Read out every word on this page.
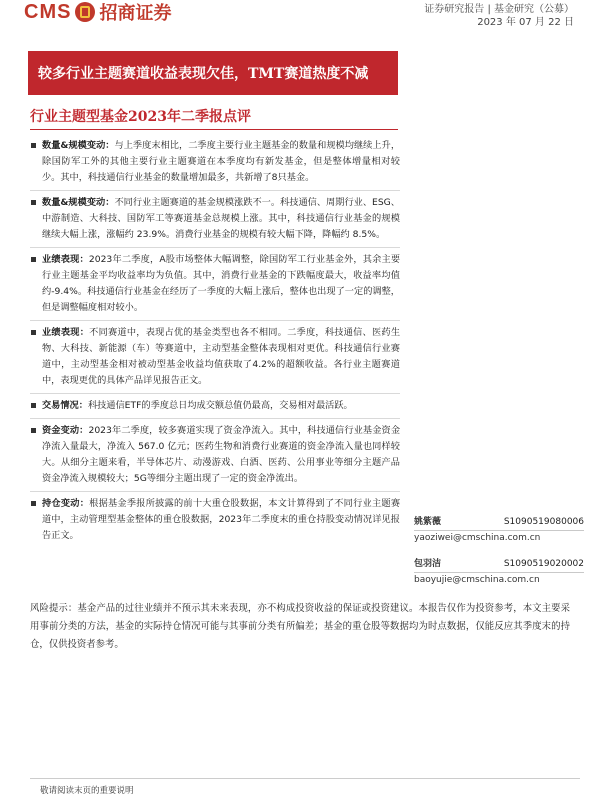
CMS 招商证券	证券研究报告 | 基金研究（公募）
2023 年 07 月 22 日
较多行业主题赛道收益表现欠佳，TMT赛道热度不减
行业主题型基金2023年二季报点评
数量&规模变动：与上季度末相比，二季度主要行业主题基金的数量和规模均继续上升，除国防军工外的其他主要行业主题赛道在本季度均有新发基金，但是整体增量相对较少。其中，科技通信行业基金的数量增加最多，共新增了8只基金。
数量&规模变动：不同行业主题赛道的基金规模涨跌不一。科技通信、周期行业、ESG、中游制造、大科技、国防军工等赛道基金总规模上涨。其中，科技通信行业基金的规模继续大幅上涨，涨幅约 23.9%。消费行业基金的规模有较大幅下降，降幅约 8.5%。
业绩表现：2023年二季度，A股市场整体大幅调整，除国防军工行业基金外，其余主要行业主题基金平均收益率均为负值。其中，消费行业基金的下跌幅度最大，收益率均值约-9.4%。科技通信行业基金在经历了一季度的大幅上涨后，整体也出现了一定的调整，但是调整幅度相对较小。
业绩表现：不同赛道中，表现占优的基金类型也各不相同。二季度，科技通信、医药生物、大科技、新能源（车）等赛道中，主动型基金整体表现相对更优。科技通信行业赛道中，主动型基金相对被动型基金收益均值获取了4.2%的超额收益。各行业主题赛道中，表现更优的具体产品详见报告正文。
交易情况：科技通信ETF的季度总日均成交额总值仍最高，交易相对最活跃。
资金变动：2023年二季度，较多赛道实现了资金净流入。其中，科技通信行业基金资金净流入量最大，净流入 567.0 亿元；医药生物和消费行业赛道的资金净流入量也同样较大。从细分主题来看，半导体芯片、动漫游戏、白酒、医药、公用事业等细分主题产品资金净流入规模较大；5G等细分主题出现了一定的资金净流出。
持仓变动：根据基金季报所披露的前十大重仓股数据，本文计算得到了不同行业主题赛道中，主动管理型基金整体的重仓股数据，2023年二季度末的重仓持股变动情况详见报告正文。
姚紫薇	S1090519080006
yaoziwei@cmschina.com.cn
包羽洁	S1090519020002
baoyujie@cmschina.com.cn
风险提示：基金产品的过往业绩并不预示其未来表现，亦不构成投资收益的保证或投资建议。本报告仅作为投资参考，本文主要采用事前分类的方法，基金的实际持仓情况可能与其事前分类有所偏差；基金的重仓股等数据均为时点数据，仅能反应其季度末的持仓，仅供投资者参考。
敬请阅读末页的重要说明
